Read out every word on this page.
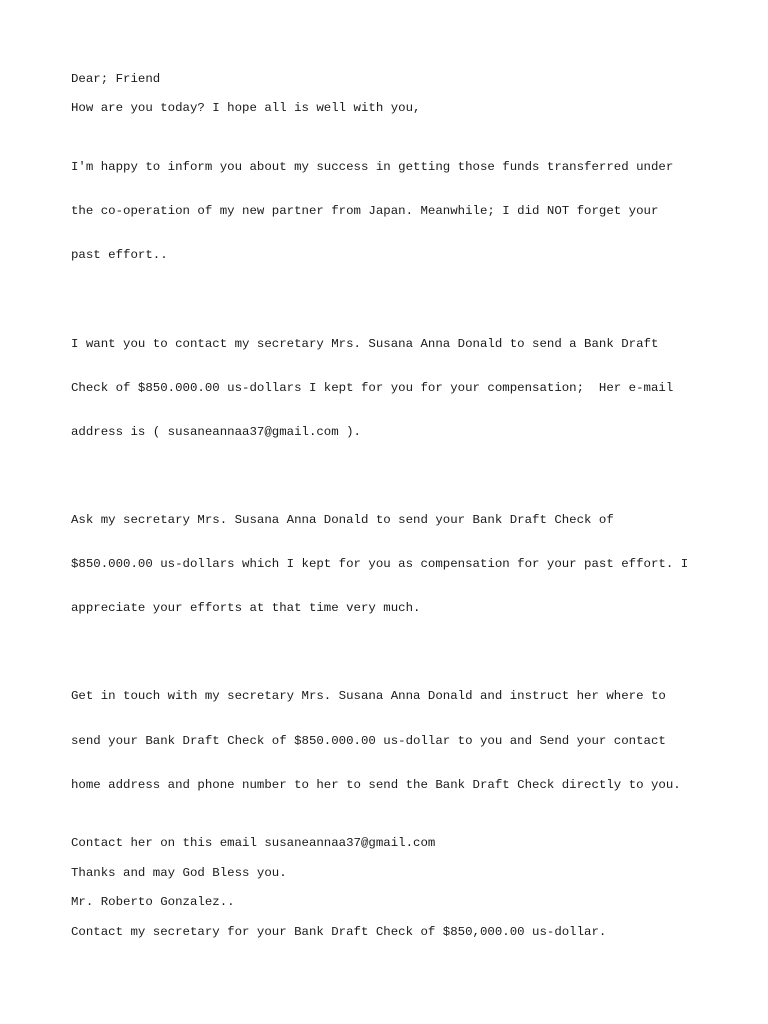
Dear; Friend

How are you today? I hope all is well with you,

I'm happy to inform you about my success in getting those funds transferred under

the co-operation of my new partner from Japan. Meanwhile; I did NOT forget your

past effort..

I want you to contact my secretary Mrs. Susana Anna Donald to send a Bank Draft

Check of $850.000.00 us-dollars I kept for you for your compensation;  Her e-mail

address is ( susaneannaa37@gmail.com ).

Ask my secretary Mrs. Susana Anna Donald to send your Bank Draft Check of

$850.000.00 us-dollars which I kept for you as compensation for your past effort. I

appreciate your efforts at that time very much.

Get in touch with my secretary Mrs. Susana Anna Donald and instruct her where to

send your Bank Draft Check of $850.000.00 us-dollar to you and Send your contact

home address and phone number to her to send the Bank Draft Check directly to you.

Contact her on this email susaneannaa37@gmail.com

Thanks and may God Bless you.

Mr. Roberto Gonzalez..

Contact my secretary for your Bank Draft Check of $850,000.00 us-dollar.
